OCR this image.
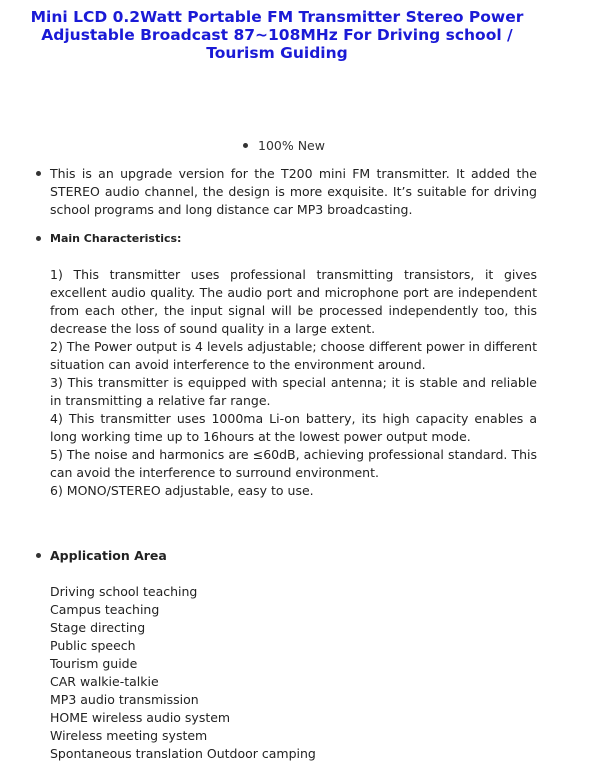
Mini LCD 0.2Watt Portable FM Transmitter Stereo Power Adjustable Broadcast 87~108MHz For Driving school / Tourism Guiding
100% New

This is an upgrade version for the T200 mini FM transmitter. It added the STEREO audio channel, the design is more exquisite. It’s suitable for driving school programs and long distance car MP3 broadcasting.

Main Characteristics:
1) This transmitter uses professional transmitting transistors, it gives excellent audio quality. The audio port and microphone port are independent from each other, the input signal will be processed independently too, this decrease the loss of sound quality in a large extent.
2) The Power output is 4 levels adjustable; choose different power in different situation can avoid interference to the environment around.
3) This transmitter is equipped with special antenna; it is stable and reliable in transmitting a relative far range.
4) This transmitter uses 1000ma Li-on battery, its high capacity enables a long working time up to 16hours at the lowest power output mode.
5) The noise and harmonics are ≤60dB, achieving professional standard. This can avoid the interference to surround environment.
6) MONO/STEREO adjustable, easy to use.
Application Area
Driving school teaching
Campus teaching
Stage directing
Public speech
Tourism guide
CAR walkie-talkie
MP3 audio transmission
HOME wireless audio system
Wireless meeting system
Spontaneous translation Outdoor camping
